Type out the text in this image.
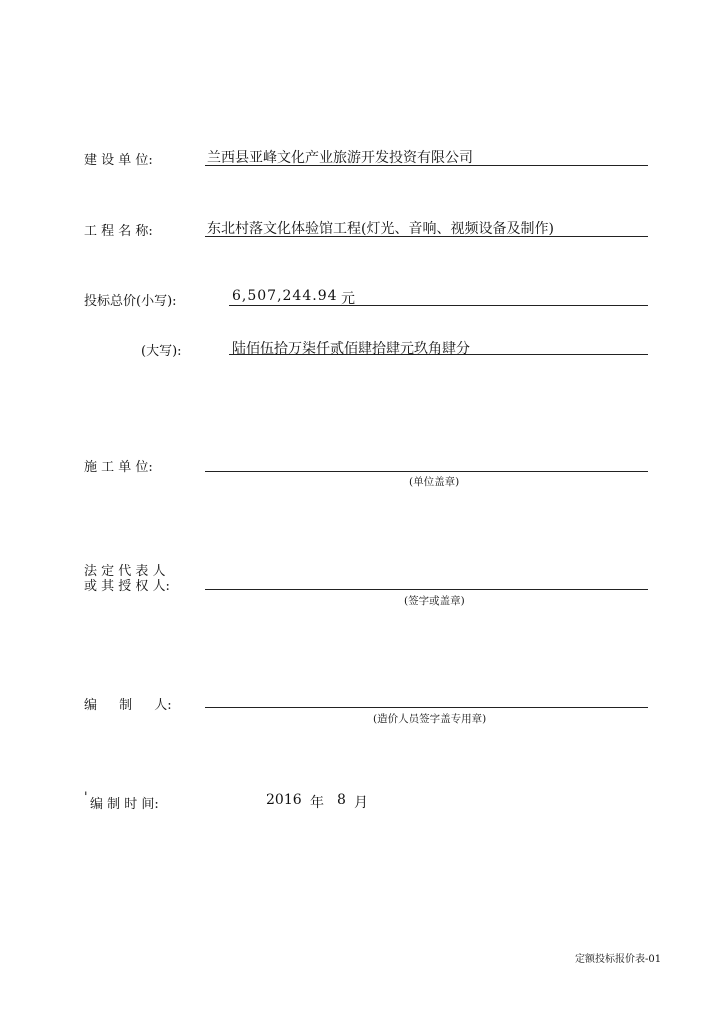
建 设 单 位:	兰西县亚峰文化产业旅游开发投资有限公司
工 程 名 称:	东北村落文化体验馆工程(灯光、音响、视频设备及制作)
投标总价(小写):	6,507,244.94 元
(大写):	陆佰伍拾万柒仟贰佰肆拾肆元玖角肆分
施 工 单 位:
(单位盖章)
法 定 代 表 人
或 其 授 权 人:
(签字或盖章)
编 制 人:
(造价人员签字盖专用章)
' 编 制 时 间:	2016 年 8 月
定额投标报价表-01
